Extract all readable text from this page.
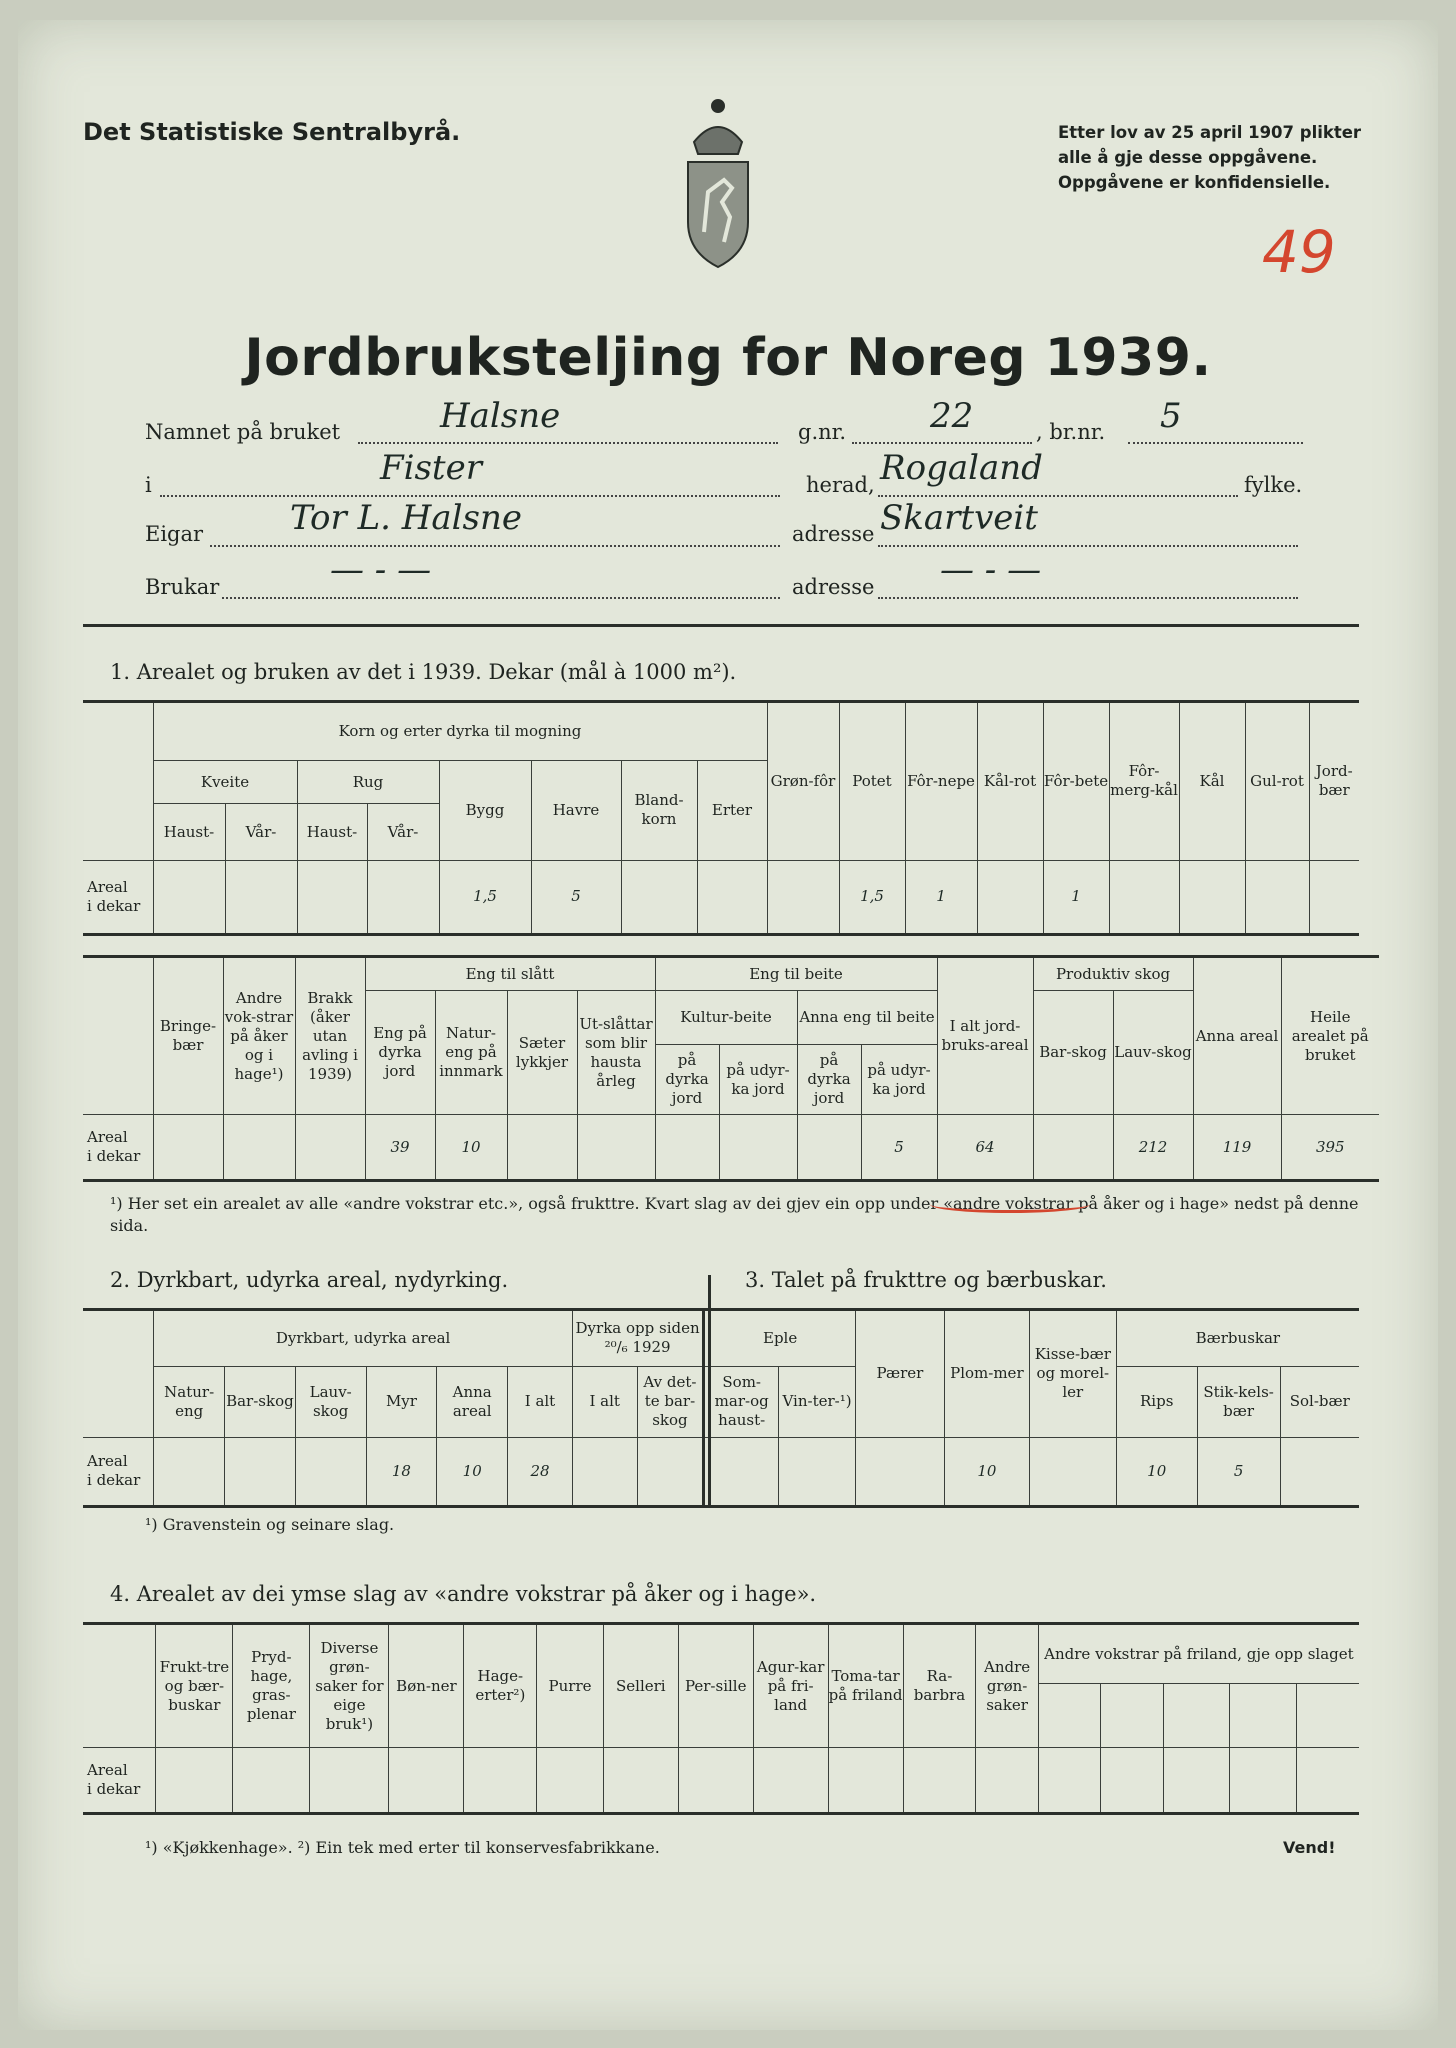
Det Statistiske Sentralbyrå.	Etter lov av 25 april 1907 plikter
alle å gje desse oppgåvene.
Oppgåvene er konfidensielle.
49
Jordbruksteljing for Noreg 1939.
Namnet på bruket	Halsne	g.nr. 22	, br.nr. 5
i	Fister	herad, Rogaland	fylke.
Eigar	Tor L. Halsne	adresse Skartveit
Brukar	— - —	adresse — - —
1. Arealet og bruken av det i 1939. Dekar (mål à 1000 m²).
	Korn og erter dyrka til mogning								Grøn-fôr	Potet	Fôr-nepe	Kål-rot	Fôr-bete	Fôr-merg-kål	Kål	Gul-rot	Jord-bær
	Kveite		Rug		Bygg	Havre	Bland-korn	Erter									
	Haust-	Vår-	Haust-	Vår-													
Areal
i dekar					1,5	5				1,5	1		1				
	Bringe-bær	Andre vok-strar på åker og i hage¹)	Brakk (åker utan avling i 1939)	Eng til slått				Eng til beite				I alt jord-bruks-areal	Produktiv skog		Anna areal	Heile arealet på bruket
				Eng på dyrka jord	Natur-eng på innmark	Sæter lykkjer	Ut-slåttar som blir hausta årleg	Kultur-beite		Anna eng til beite			Bar-skog	Lauv-skog		
								på dyrka jord	på udyr-ka jord	på dyrka jord	på udyr-ka jord					
Areal
i dekar				39	10						5	64		212	119	395
¹) Her set ein arealet av alle «andre vokstrar etc.», også frukttre. Kvart slag av dei gjev ein opp under «andre vokstrar på åker og i hage» nedst på denne sida.
2. Dyrkbart, udyrka areal, nydyrking.	3. Talet på frukttre og bærbuskar.
	Dyrkbart, udyrka areal						Dyrka opp siden ²⁰/₆ 1929		Eple		Pærer	Plom-mer	Kisse-bær og morel-ler	Bærbuskar		
	Natur-eng	Bar-skog	Lauv-skog	Myr	Anna areal	I alt	I alt	Av det-te bar-skog	Som-mar-og haust-	Vin-ter-¹)				Rips	Stik-kels-bær	Sol-bær
Areal
i dekar				18	10	28						10		10	5	
¹) Gravenstein og seinare slag.
4. Arealet av dei ymse slag av «andre vokstrar på åker og i hage».
	Frukt-tre og bær-buskar	Pryd-hage, gras-plenar	Diverse grøn-saker for eige bruk¹)	Bøn-ner	Hage-erter²)	Purre	Selleri	Per-sille	Agur-kar på fri-land	Toma-tar på friland	Ra-barbra	Andre grøn-saker	Andre vokstrar på friland, gje opp slaget				

Areal
i dekar																	
¹) «Kjøkkenhage». ²) Ein tek med erter til konservesfabrikkane.	Vend!
